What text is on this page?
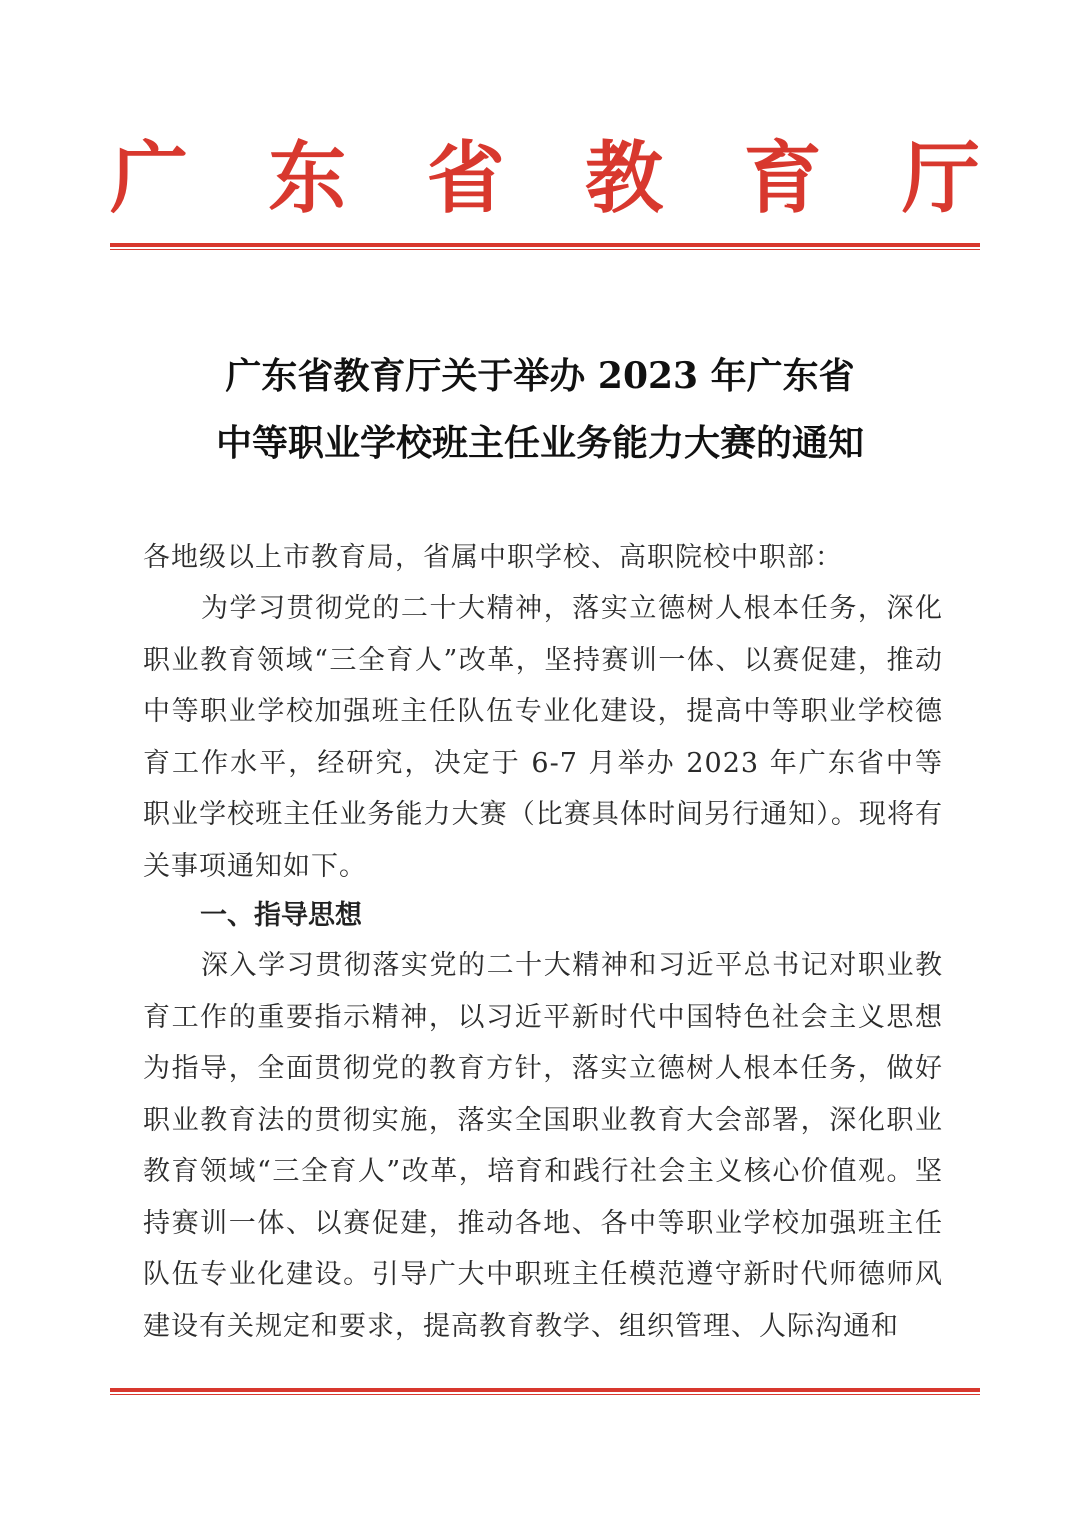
广 东 省 教 育 厅
广东省教育厅关于举办 2023 年广东省
中等职业学校班主任业务能力大赛的通知
各地级以上市教育局，省属中职学校、高职院校中职部：
为学习贯彻党的二十大精神，落实立德树人根本任务，深化职业教育领域“三全育人”改革，坚持赛训一体、以赛促建，推动中等职业学校加强班主任队伍专业化建设，提高中等职业学校德育工作水平，经研究，决定于 6-7 月举办 2023 年广东省中等职业学校班主任业务能力大赛（比赛具体时间另行通知）。现将有关事项通知如下。
一、指导思想
深入学习贯彻落实党的二十大精神和习近平总书记对职业教育工作的重要指示精神，以习近平新时代中国特色社会主义思想为指导，全面贯彻党的教育方针，落实立德树人根本任务，做好职业教育法的贯彻实施，落实全国职业教育大会部署，深化职业教育领域“三全育人”改革，培育和践行社会主义核心价值观。坚持赛训一体、以赛促建，推动各地、各中等职业学校加强班主任队伍专业化建设。引导广大中职班主任模范遵守新时代师德师风建设有关规定和要求，提高教育教学、组织管理、人际沟通和
